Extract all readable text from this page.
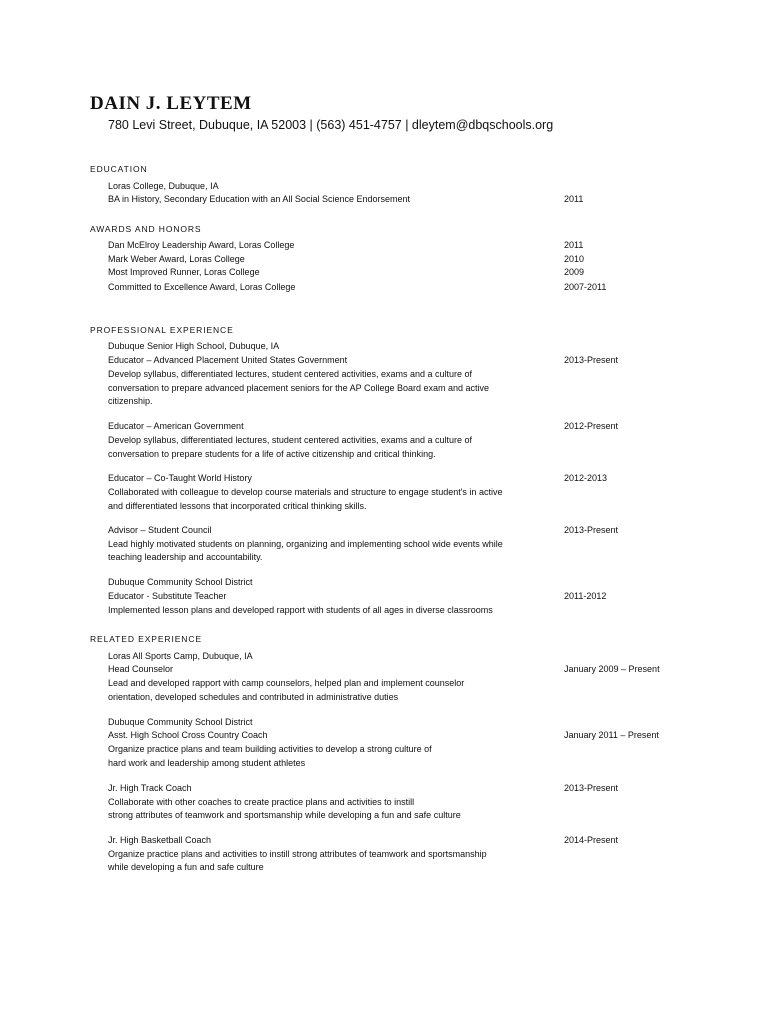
DAIN J. LEYTEM
780 Levi Street, Dubuque, IA 52003 | (563) 451-4757 | dleytem@dbqschools.org
EDUCATION
Loras College, Dubuque, IA
BA in History, Secondary Education with an All Social Science Endorsement	2011
AWARDS AND HONORS
Dan McElroy Leadership Award, Loras College	2011
Mark Weber Award, Loras College	2010
Most Improved Runner, Loras College	2009
Committed to Excellence Award, Loras College	2007-2011
PROFESSIONAL EXPERIENCE
Dubuque Senior High School, Dubuque, IA
Educator – Advanced Placement United States Government	2013-Present
Develop syllabus, differentiated lectures, student centered activities, exams and a culture of
conversation to prepare advanced placement seniors for the AP College Board exam and active
citizenship.
Educator – American Government	2012-Present
Develop syllabus, differentiated lectures, student centered activities, exams and a culture of
conversation to prepare students for a life of active citizenship and critical thinking.
Educator – Co-Taught World History	2012-2013
Collaborated with colleague to develop course materials and structure to engage student's in active
and differentiated lessons that incorporated critical thinking skills.
Advisor – Student Council	2013-Present
Lead highly motivated students on planning, organizing and implementing school wide events while
teaching leadership and accountability.
Dubuque Community School District
Educator - Substitute Teacher	2011-2012
Implemented lesson plans and developed rapport with students of all ages in diverse classrooms
RELATED EXPERIENCE
Loras All Sports Camp, Dubuque, IA
Head Counselor	January 2009 – Present
Lead and developed rapport with camp counselors, helped plan and implement counselor
orientation, developed schedules and contributed in administrative duties
Dubuque Community School District
Asst. High School Cross Country Coach	January 2011 – Present
Organize practice plans and team building activities to develop a strong culture of
hard work and leadership among student athletes
Jr. High Track Coach	2013-Present
Collaborate with other coaches to create practice plans and activities to instill
strong attributes of teamwork and sportsmanship while developing a fun and safe culture
Jr. High Basketball Coach	2014-Present
Organize practice plans and activities to instill strong attributes of teamwork and sportsmanship
while developing a fun and safe culture
